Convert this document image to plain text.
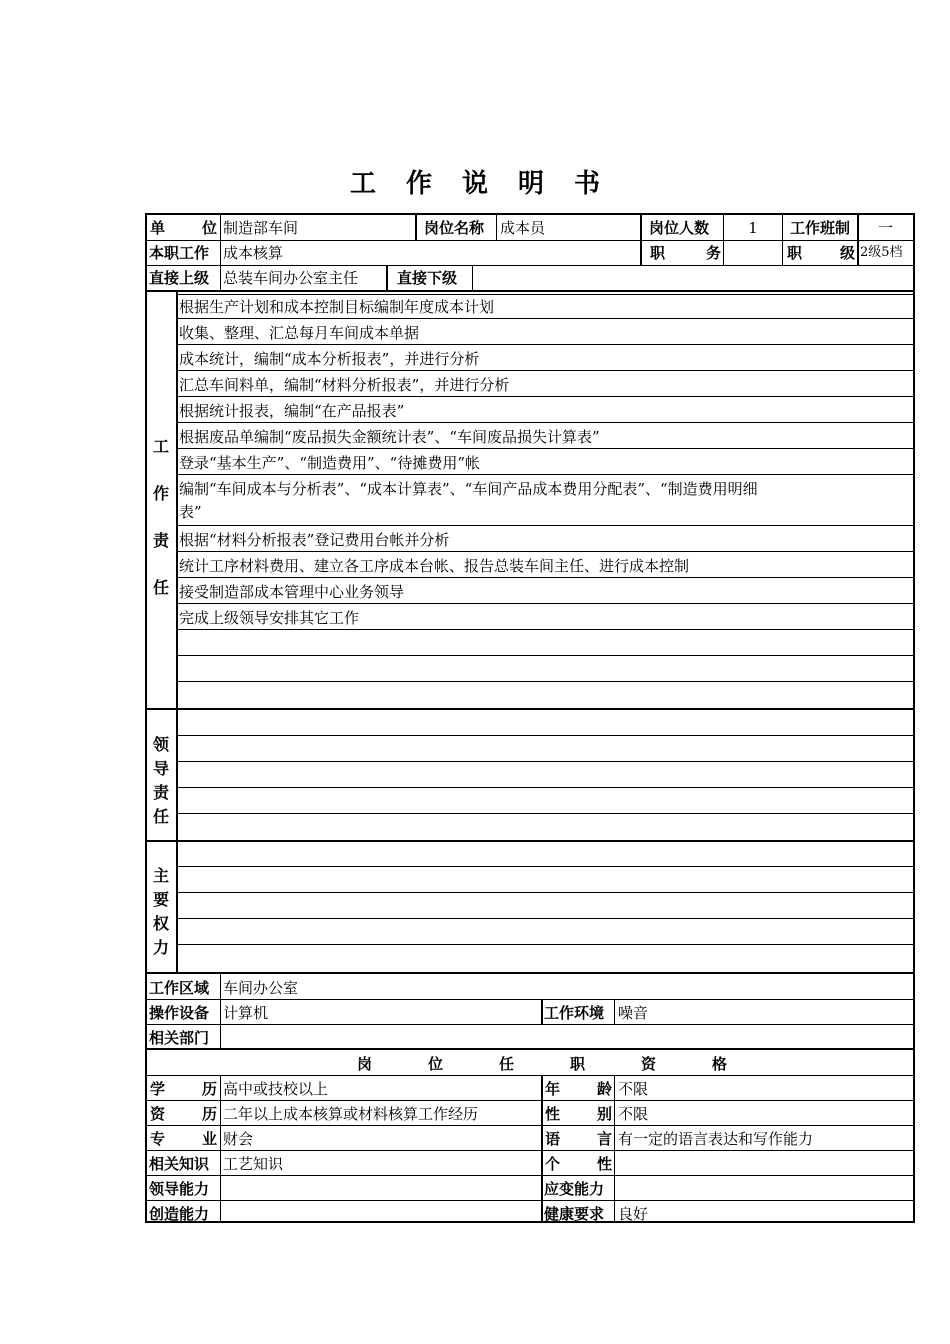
工作说明书
单 位 制造部车间	岗位名称	成本员	岗位人数	1	工作班制	一
本职工作 成本核算	职	务	职	级 2级5档
直接上级 总装车间办公室主任	直接下级
工
作
责
任
根据生产计划和成本控制目标编制年度成本计划
收集、整理、汇总每月车间成本单据
成本统计，编制“成本分析报表”，并进行分析
汇总车间料单，编制“材料分析报表”，并进行分析
根据统计报表，编制“在产品报表”
根据废品单编制“废品损失金额统计表”、“车间废品损失计算表”
登录“基本生产”、“制造费用”、“待摊费用”帐
编制“车间成本与分析表”、“成本计算表”、“车间产品成本费用分配表”、“制造费用明细
表”
根据“材料分析报表”登记费用台帐并分析
统计工序材料费用、建立各工序成本台帐、报告总装车间主任、进行成本控制
接受制造部成本管理中心业务领导
完成上级领导安排其它工作
领
导
责
任
主
要
权
力
工作区域 车间办公室
操作设备 计算机	工作环境 噪音
相关部门
岗	位	任	职	资	格
学 历 高中或技校以上	年 龄 不限
资 历 二年以上成本核算或材料核算工作经历	性 别 不限
专 业 财会	语 言 有一定的语言表达和写作能力
相关知识 工艺知识	个 性
领导能力	应变能力
创造能力	健康要求 良好
